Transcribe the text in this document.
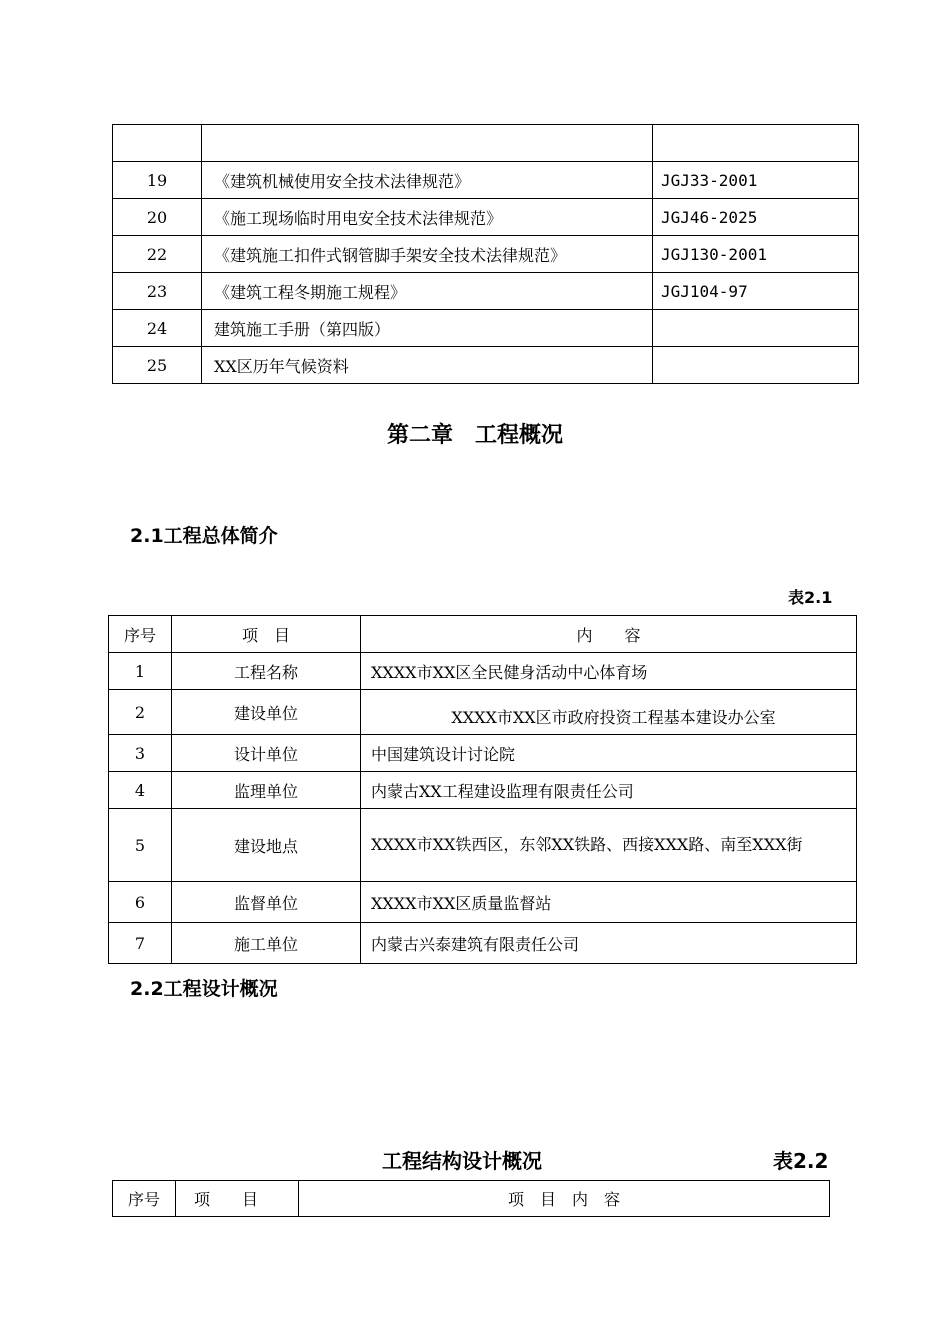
19	《建筑机械使用安全技术法律规范》	JGJ33-2001
20	《施工现场临时用电安全技术法律规范》	JGJ46-2025
22	《建筑施工扣件式钢管脚手架安全技术法律规范》	JGJ130-2001
23	《建筑工程冬期施工规程》	JGJ104-97
24	建筑施工手册（第四版）	
25	XX区历年气候资料	
第二章　工程概况
2.1工程总体简介
表2.1
序号	项　目	内　　容
1	工程名称	XXXX市XX区全民健身活动中心体育场
2	建设单位	XXXX市XX区市政府投资工程基本建设办公室
3	设计单位	中国建筑设计讨论院
4	监理单位	内蒙古XX工程建设监理有限责任公司
5	建设地点	XXXX市XX铁西区，东邻XX铁路、西接XXX路、南至XXX街
6	监督单位	XXXX市XX区质量监督站
7	施工单位	内蒙古兴泰建筑有限责任公司
2.2工程设计概况
工程结构设计概况	表2.2
序号	项　　目	项　目　内　容
